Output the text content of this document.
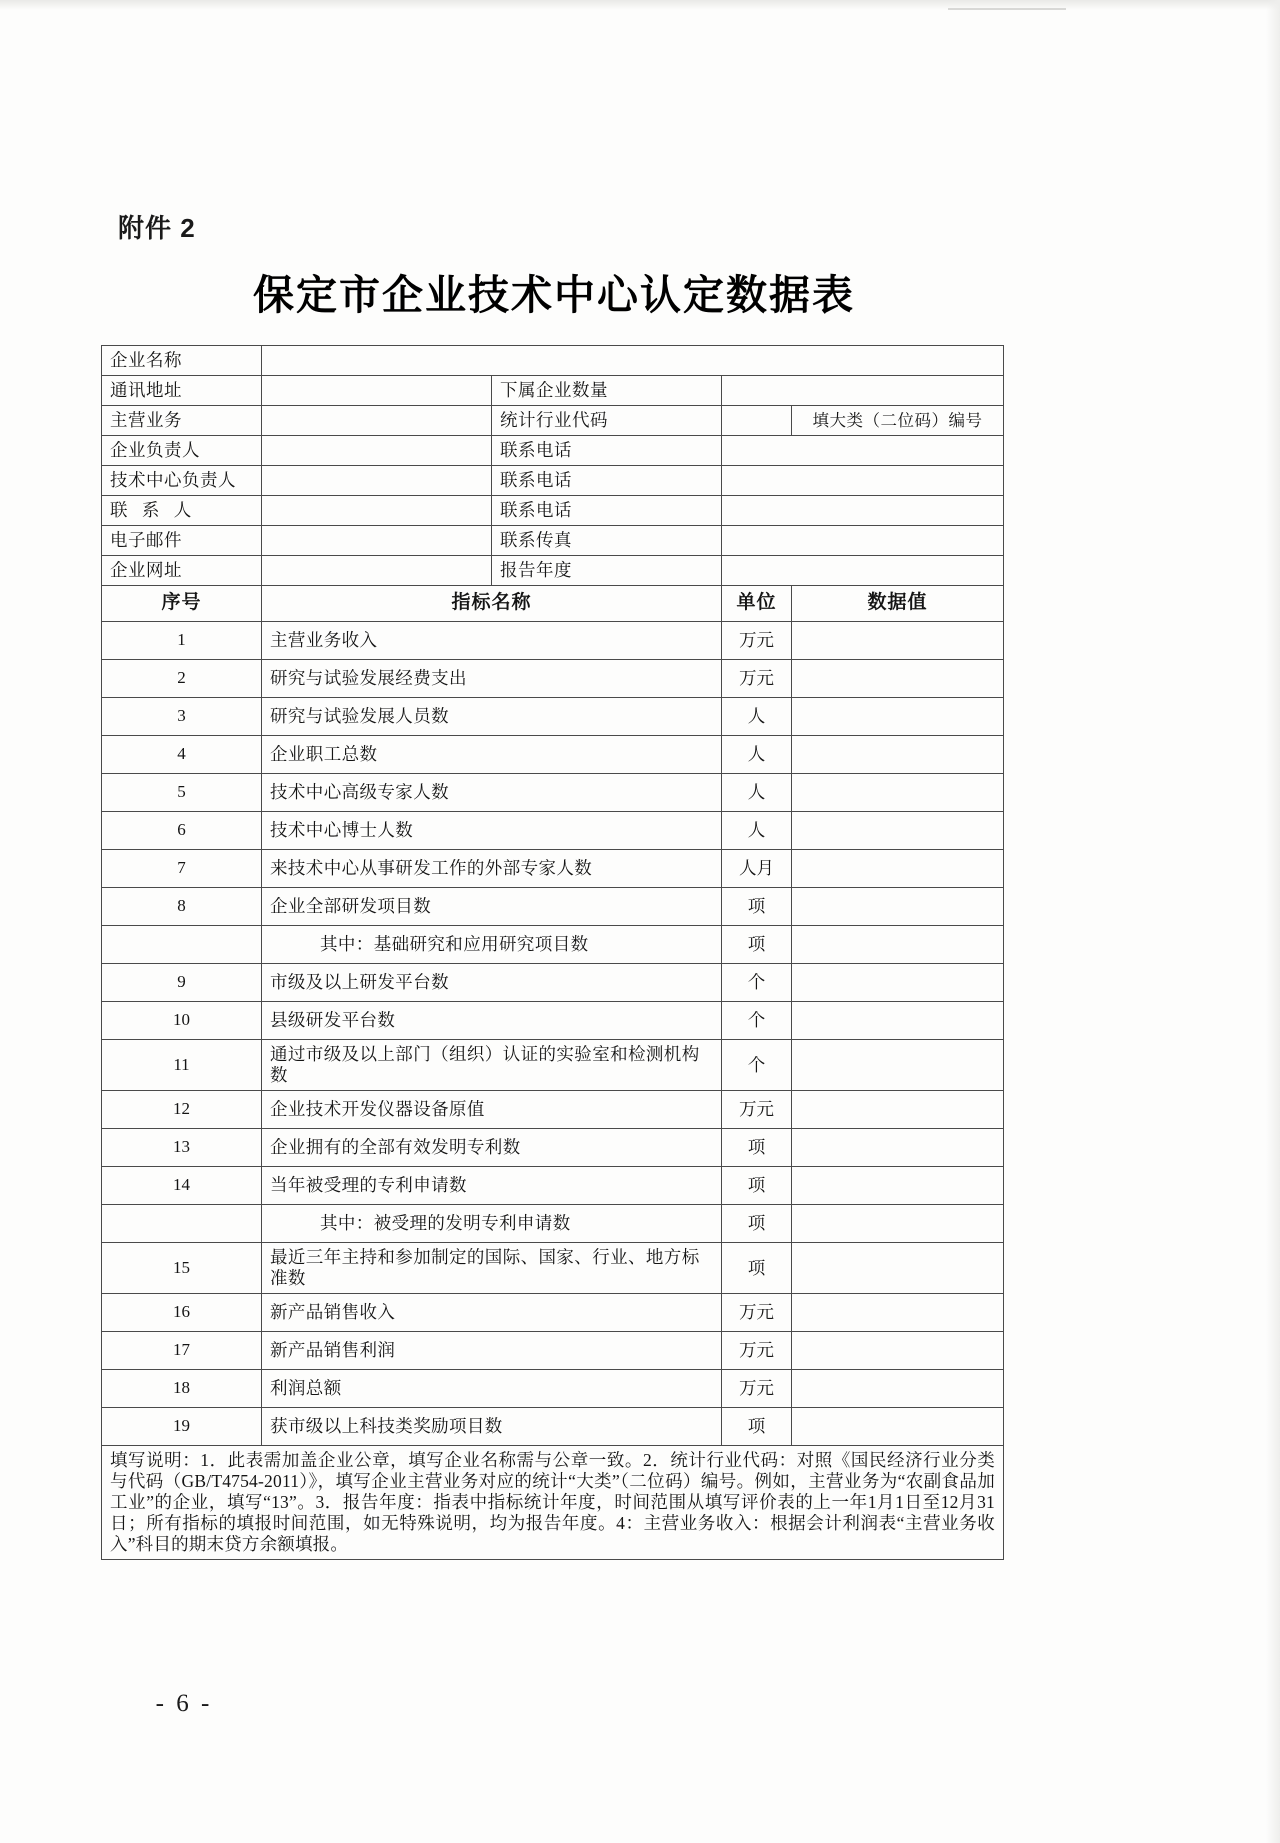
附件 2
保定市企业技术中心认定数据表
企业名称				
通讯地址		下属企业数量		
主营业务		统计行业代码		填大类（二位码）编号
企业负责人		联系电话		
技术中心负责人		联系电话		
联 系 人		联系电话		
电子邮件		联系传真		
企业网址		报告年度		
序号	指标名称		单位	数据值
1	主营业务收入		万元	
2	研究与试验发展经费支出		万元	
3	研究与试验发展人员数		人	
4	企业职工总数		人	
5	技术中心高级专家人数		人	
6	技术中心博士人数		人	
7	来技术中心从事研发工作的外部专家人数		人月	
8	企业全部研发项目数		项	
	其中：基础研究和应用研究项目数		项	
9	市级及以上研发平台数		个	
10	县级研发平台数		个	
11	通过市级及以上部门（组织）认证的实验室和检测机构数		个	
12	企业技术开发仪器设备原值		万元	
13	企业拥有的全部有效发明专利数		项	
14	当年被受理的专利申请数		项	
	其中：被受理的发明专利申请数		项	
15	最近三年主持和参加制定的国际、国家、行业、地方标准数		项	
16	新产品销售收入		万元	
17	新产品销售利润		万元	
18	利润总额		万元	
19	获市级以上科技类奖励项目数		项	
填写说明：1．此表需加盖企业公章，填写企业名称需与公章一致。2．统计行业代码：对照《国民经济行业分类与代码（GB/T4754-2011）》，填写企业主营业务对应的统计“大类”（二位码）编号。例如，主营业务为“农副食品加工业”的企业，填写“13”。3．报告年度：指表中指标统计年度，时间范围从填写评价表的上一年1月1日至12月31日；所有指标的填报时间范围，如无特殊说明，均为报告年度。4：主营业务收入：根据会计利润表“主营业务收入”科目的期末贷方余额填报。				
- 6 -
